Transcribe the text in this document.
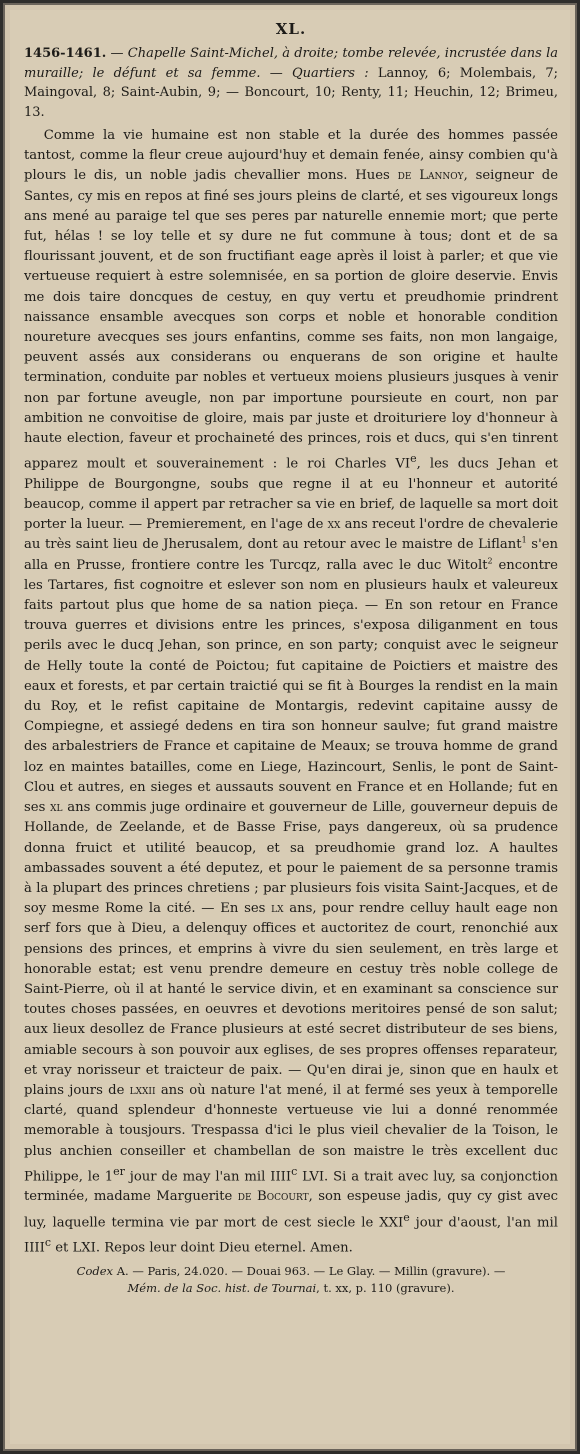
XL.

1456-1461. — Chapelle Saint-Michel, à droite; tombe relevée, incrustée dans la muraille; le défunt et sa femme. — Quartiers : Lannoy, 6; Molembais, 7; Maingoval, 8; Saint-Aubin, 9; — Boncourt, 10; Renty, 11; Heuchin, 12; Brimeu, 13.

  Comme la vie humaine est non stable et la durée des hommes passée tantost, comme la fleur creue aujourd'huy et demain fenée, ainsy combien qu'à plours le dis, un noble jadis chevallier mons. Hues de Lannoy, seigneur de Santes, cy mis en repos at finé ses jours pleins de clarté, et ses vigoureux longs ans mené au paraige tel que ses peres par naturelle ennemie mort; que perte fut, hélas ! se loy telle et sy dure ne fut commune à tous; dont et de sa flourissant jouvent, et de son fructifiant eage après il loist à parler; et que vie vertueuse requiert à estre solemnisée, en sa portion de gloire deservie. Envis me dois taire doncques de cestuy, en quy vertu et preudhomie prindrent naissance ensamble avecques son corps et noble et honorable condition noureture avecques ses jours enfantins, comme ses faits, non mon langaige, peuvent assés aux considerans ou enquerans de son origine et haulte termination, conduite par nobles et vertueux moiens plusieurs jusques à venir non par fortune aveugle, non par importune poursieute en court, non par ambition ne convoitise de gloire, mais par juste et droituriere loy d'honneur à haute election, faveur et prochaineté des princes, rois et ducs, qui s'en tinrent apparez moult et souverainement : le roi Charles VIe, les ducs Jehan et Philippe de Bourgongne, soubs que regne il at eu l'honneur et autorité beaucop, comme il appert par retracher sa vie en brief, de laquelle sa mort doit porter la lueur. — Premierement, en l'age de xx ans receut l'ordre de chevalerie au très saint lieu de Jherusalem, dont au retour avec le maistre de Liflant$^1$ s'en alla en Prusse, frontiere contre les Turcqz, ralla avec le duc Witolt$^2$ encontre les Tartares, fist cognoitre et eslever son nom en plusieurs haulx et valeureux faits partout plus que home de sa nation pieça. — En son retour en France trouva guerres et divisions entre les princes, s'exposa diliganment en tous perils avec le ducq Jehan, son prince, en son party; conquist avec le seigneur de Helly toute la conté de Poictou; fut capitaine de Poictiers et maistre des eaux et forests, et par certain traictié qui se fit à Bourges la rendist en la main du Roy, et le refist capitaine de Montargis, redevint capitaine aussy de Compiegne, et assiegé dedens en tira son honneur saulve; fut grand maistre des arbalestriers de France et capitaine de Meaux; se trouva homme de grand loz en maintes batailles, come en Liege, Hazincourt, Senlis, le pont de Saint-Clou et autres, en sieges et aussauts souvent en France et en Hollande; fut en ses xl ans commis juge ordinaire et gouverneur de Lille, gouverneur depuis de Hollande, de Zeelande, et de Basse Frise, pays dangereux, où sa prudence donna fruict et utilité beaucop, et sa preudhomie grand loz. A haultes ambassades souvent a été deputez, et pour le paiement de sa personne tramis à la plupart des princes chretiens ; par plusieurs fois visita Saint-Jacques, et de soy mesme Rome la cité. — En ses lx ans, pour rendre celluy hault eage non serf fors que à Dieu, a delenquy offices et auctoritez de court, renonchié aux pensions des princes, et emprins à vivre du sien seulement, en très large et honorable estat; est venu prendre demeure en cestuy très noble college de Saint-Pierre, où il at hanté le service divin, et en examinant sa conscience sur toutes choses passées, en oeuvres et devotions meritoires pensé de son salut; aux lieux desollez de France plusieurs at esté secret distributeur de ses biens, amiable secours à son pouvoir aux eglises, de ses propres offenses reparateur, et vray norisseur et traicteur de paix. — Qu'en dirai je, sinon que en haulx et plains jours de lxxii ans où nature l'at mené, il at fermé ses yeux à temporelle clarté, quand splendeur d'honneste vertueuse vie lui a donné renommée memorable à tousjours. Trespassa d'ici le plus vieil chevalier de la Toison, le plus anchien conseiller et chambellan de son maistre le très excellent duc Philippe, le 1er jour de may l'an mil IIII$^c$ LVI. Si a trait avec luy, sa conjonction terminée, madame Marguerite de Bocourt, son espeuse jadis, quy cy gist avec luy, laquelle termina vie par mort de cest siecle le XXIe jour d'aoust, l'an mil IIII$^c$ et LXI. Repos leur doint Dieu eternel. Amen.
Codex A. — Paris, 24.020. — Douai 963. — Le Glay. — Millin (gravure). —
Mém. de la Soc. hist. de Tournai, t. xx, p. 110 (gravure).
